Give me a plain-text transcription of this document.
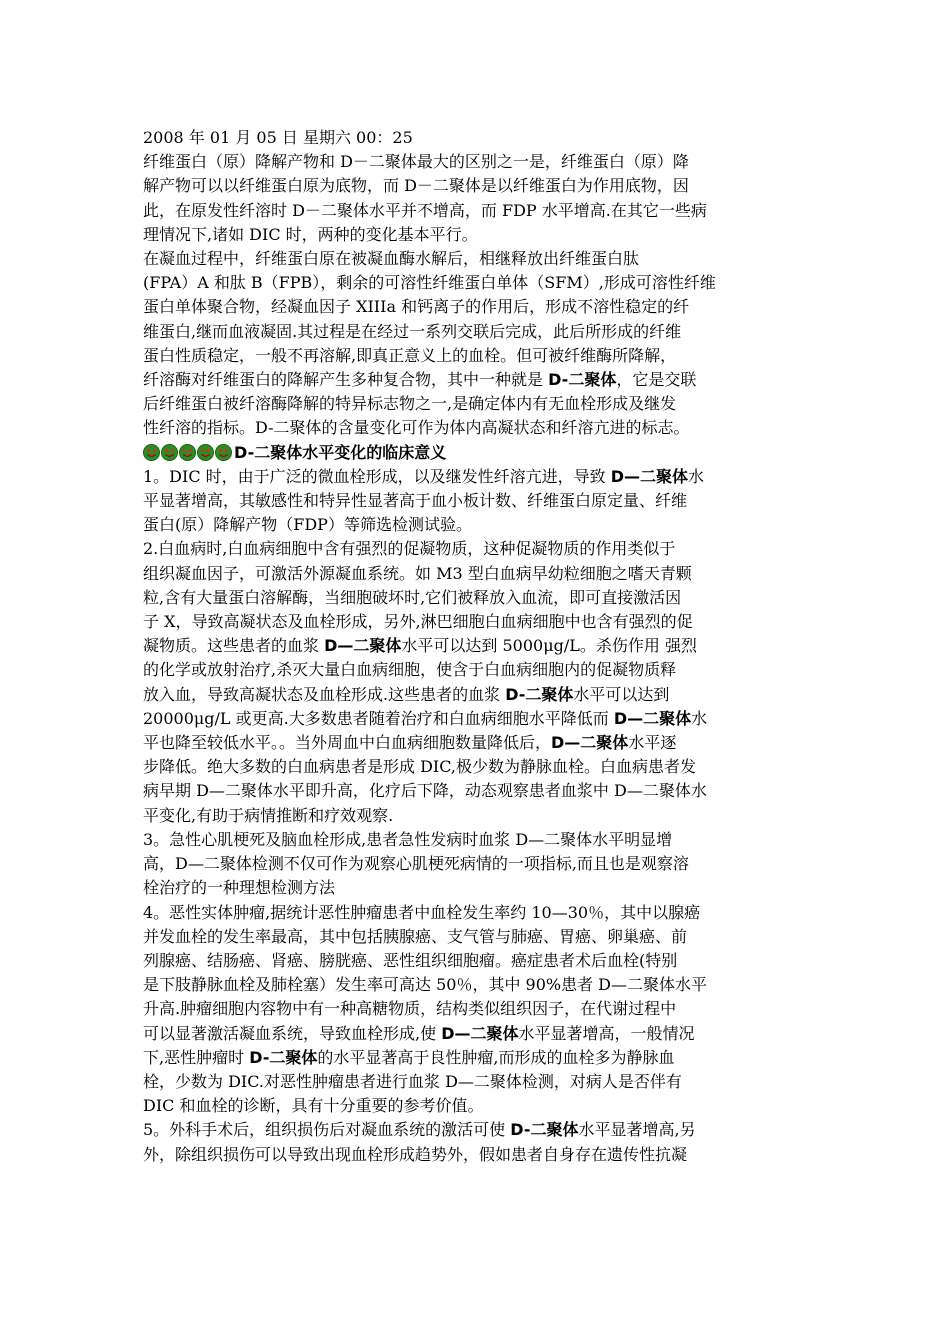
2008 年 01 月 05 日 星期六 00：25

纤维蛋白（原）降解产物和 D－二聚体最大的区别之一是，纤维蛋白（原）降
解产物可以以纤维蛋白原为底物，而 D－二聚体是以纤维蛋白为作用底物，因
此，在原发性纤溶时 D－二聚体水平并不增高，而 FDP 水平增高.在其它一些病
理情况下,诸如 DIC 时，两种的变化基本平行。

在凝血过程中，纤维蛋白原在被凝血酶水解后，相继释放出纤维蛋白肽
(FPA）A 和肽 B（FPB），剩余的可溶性纤维蛋白单体（SFM）,形成可溶性纤维
蛋白单体聚合物，经凝血因子 XIIIa 和钙离子的作用后，形成不溶性稳定的纤
维蛋白,继而血液凝固.其过程是在经过一系列交联后完成，此后所形成的纤维
蛋白性质稳定，一般不再溶解,即真正意义上的血栓。但可被纤维酶所降解，
纤溶酶对纤维蛋白的降解产生多种复合物，其中一种就是 D-二聚体，它是交联
后纤维蛋白被纤溶酶降解的特异标志物之一,是确定体内有无血栓形成及继发
性纤溶的指标。D-二聚体的含量变化可作为体内高凝状态和纤溶亢进的标志。

D-二聚体水平变化的临床意义

1。DIC 时，由于广泛的微血栓形成，以及继发性纤溶亢进，导致 D—二聚体水
平显著增高，其敏感性和特异性显著高于血小板计数、纤维蛋白原定量、纤维
蛋白(原）降解产物（FDP）等筛选检测试验。

2.白血病时,白血病细胞中含有强烈的促凝物质，这种促凝物质的作用类似于
组织凝血因子，可激活外源凝血系统。如 M3 型白血病早幼粒细胞之嗜天青颗
粒,含有大量蛋白溶解酶，当细胞破坏时,它们被释放入血流，即可直接激活因
子 X，导致高凝状态及血栓形成，另外,淋巴细胞白血病细胞中也含有强烈的促
凝物质。这些患者的血浆 D—二聚体水平可以达到 5000μg/L。杀伤作用 强烈
的化学或放射治疗,杀灭大量白血病细胞，使含于白血病细胞内的促凝物质释
放入血，导致高凝状态及血栓形成.这些患者的血浆 D-二聚体水平可以达到
20000μg/L 或更高.大多数患者随着治疗和白血病细胞水平降低而 D—二聚体水
平也降至较低水平。。当外周血中白血病细胞数量降低后，D—二聚体水平逐
步降低。绝大多数的白血病患者是形成 DIC,极少数为静脉血栓。白血病患者发
病早期 D—二聚体水平即升高，化疗后下降，动态观察患者血浆中 D—二聚体水
平变化,有助于病情推断和疗效观察.

3。急性心肌梗死及脑血栓形成,患者急性发病时血浆 D—二聚体水平明显增
高，D—二聚体检测不仅可作为观察心肌梗死病情的一项指标,而且也是观察溶
栓治疗的一种理想检测方法

4。恶性实体肿瘤,据统计恶性肿瘤患者中血栓发生率约 10—30％，其中以腺癌
并发血栓的发生率最高，其中包括胰腺癌、支气管与肺癌、胃癌、卵巢癌、前
列腺癌、结肠癌、肾癌、膀胱癌、恶性组织细胞瘤。癌症患者术后血栓(特别
是下肢静脉血栓及肺栓塞）发生率可高达 50％，其中 90%患者 D—二聚体水平
升高.肿瘤细胞内容物中有一种高糖物质，结构类似组织因子，在代谢过程中
可以显著激活凝血系统，导致血栓形成,使 D—二聚体水平显著增高，一般情况
下,恶性肿瘤时 D-二聚体的水平显著高于良性肿瘤,而形成的血栓多为静脉血
栓，少数为 DIC.对恶性肿瘤患者进行血浆 D—二聚体检测，对病人是否伴有
DIC 和血栓的诊断，具有十分重要的参考价值。

5。外科手术后，组织损伤后对凝血系统的激活可使 D-二聚体水平显著增高,另
外，除组织损伤可以导致出现血栓形成趋势外，假如患者自身存在遗传性抗凝
